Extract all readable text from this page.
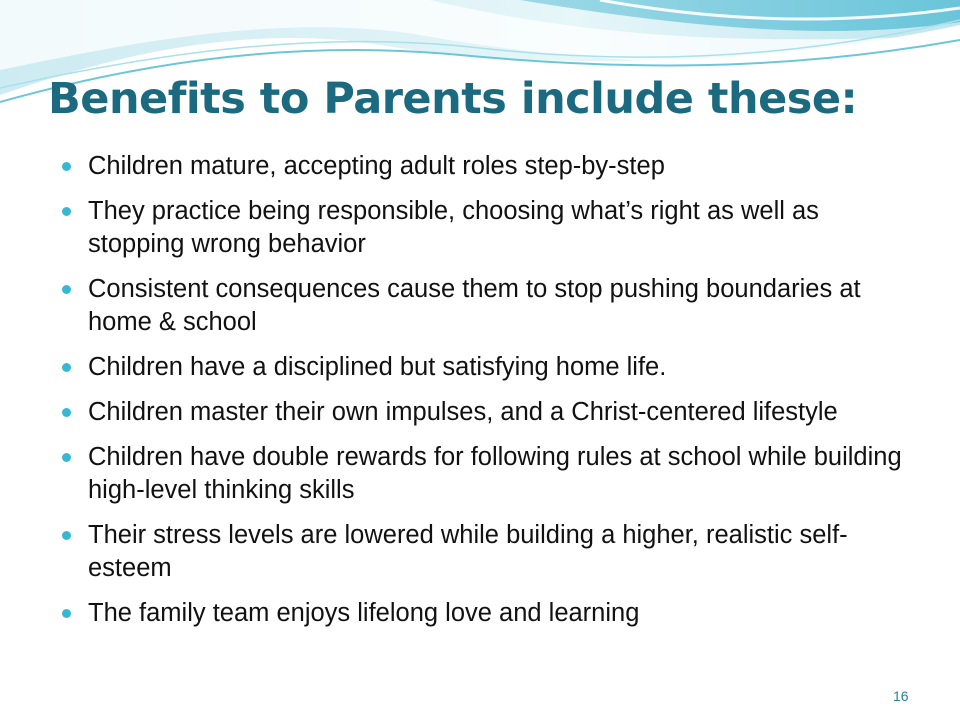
Benefits to Parents include these:
Children mature, accepting adult roles step-by-step
They practice being responsible, choosing what’s right as well as stopping wrong behavior
Consistent consequences cause them to stop pushing boundaries at home & school
Children have a disciplined but satisfying home life.
Children master their own impulses, and a Christ-centered lifestyle
Children have double rewards for following rules at school while building high-level thinking skills
Their stress levels are lowered while building a higher, realistic self-esteem
The family team enjoys lifelong love and learning
16
